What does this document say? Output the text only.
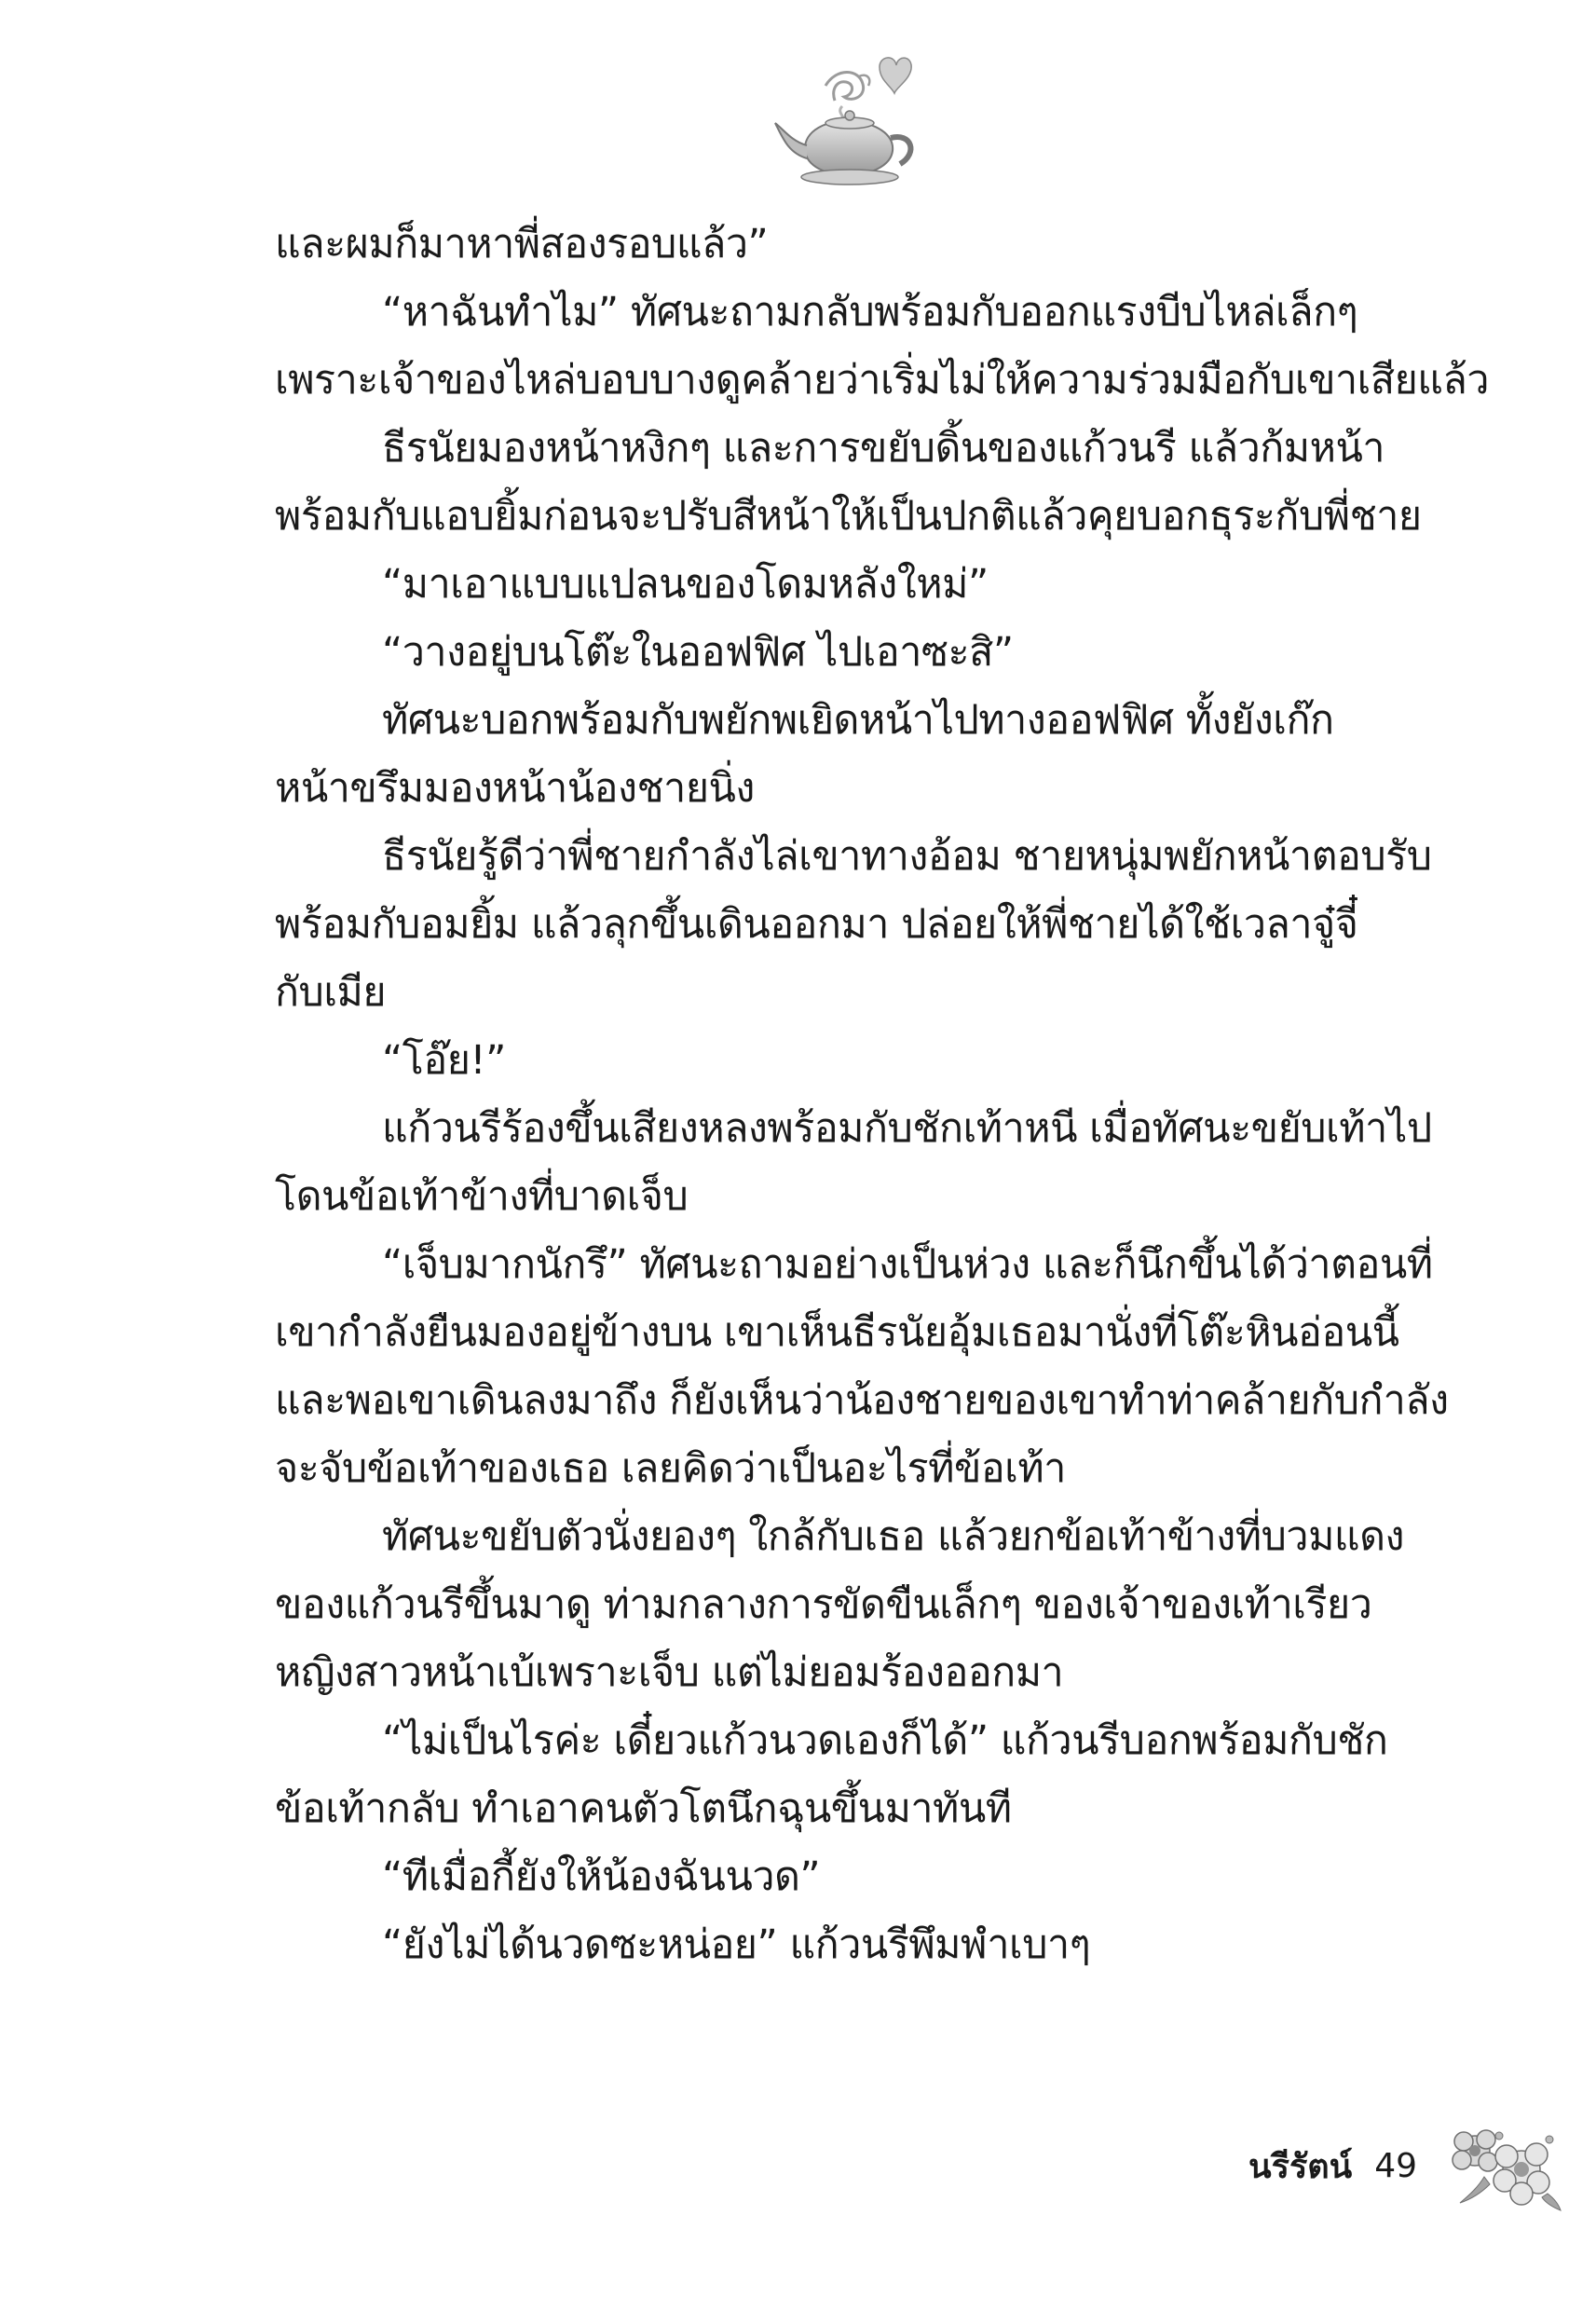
และผมก็มาหาพี่สองรอบแล้ว”
“หาฉันทำไม” ทัศนะถามกลับพร้อมกับออกแรงบีบไหล่เล็กๆ
เพราะเจ้าของไหล่บอบบางดูคล้ายว่าเริ่มไม่ให้ความร่วมมือกับเขาเสียแล้ว
ธีรนัยมองหน้าหงิกๆ และการขยับดิ้นของแก้วนรี แล้วก้มหน้า
พร้อมกับแอบยิ้มก่อนจะปรับสีหน้าให้เป็นปกติแล้วคุยบอกธุระกับพี่ชาย
“มาเอาแบบแปลนของโดมหลังใหม่”
“วางอยู่บนโต๊ะในออฟฟิศ ไปเอาซะสิ”
ทัศนะบอกพร้อมกับพยักพเยิดหน้าไปทางออฟฟิศ ทั้งยังเก๊ก
หน้าขรึมมองหน้าน้องชายนิ่ง
ธีรนัยรู้ดีว่าพี่ชายกำลังไล่เขาทางอ้อม ชายหนุ่มพยักหน้าตอบรับ
พร้อมกับอมยิ้ม แล้วลุกขึ้นเดินออกมา ปล่อยให้พี่ชายได้ใช้เวลาจู๋จี๋
กับเมีย
“โอ๊ย!”
แก้วนรีร้องขึ้นเสียงหลงพร้อมกับชักเท้าหนี เมื่อทัศนะขยับเท้าไป
โดนข้อเท้าข้างที่บาดเจ็บ
“เจ็บมากนักรึ” ทัศนะถามอย่างเป็นห่วง และก็นึกขึ้นได้ว่าตอนที่
เขากำลังยืนมองอยู่ข้างบน เขาเห็นธีรนัยอุ้มเธอมานั่งที่โต๊ะหินอ่อนนี้
และพอเขาเดินลงมาถึง ก็ยังเห็นว่าน้องชายของเขาทำท่าคล้ายกับกำลัง
จะจับข้อเท้าของเธอ เลยคิดว่าเป็นอะไรที่ข้อเท้า
ทัศนะขยับตัวนั่งยองๆ ใกล้กับเธอ แล้วยกข้อเท้าข้างที่บวมแดง
ของแก้วนรีขึ้นมาดู ท่ามกลางการขัดขืนเล็กๆ ของเจ้าของเท้าเรียว
หญิงสาวหน้าเบ้เพราะเจ็บ แต่ไม่ยอมร้องออกมา
“ไม่เป็นไรค่ะ เดี๋ยวแก้วนวดเองก็ได้” แก้วนรีบอกพร้อมกับชัก
ข้อเท้ากลับ ทำเอาคนตัวโตนึกฉุนขึ้นมาทันที
“ทีเมื่อกี้ยังให้น้องฉันนวด”
“ยังไม่ได้นวดซะหน่อย” แก้วนรีพึมพำเบาๆ
นรีรัตน์ 49
